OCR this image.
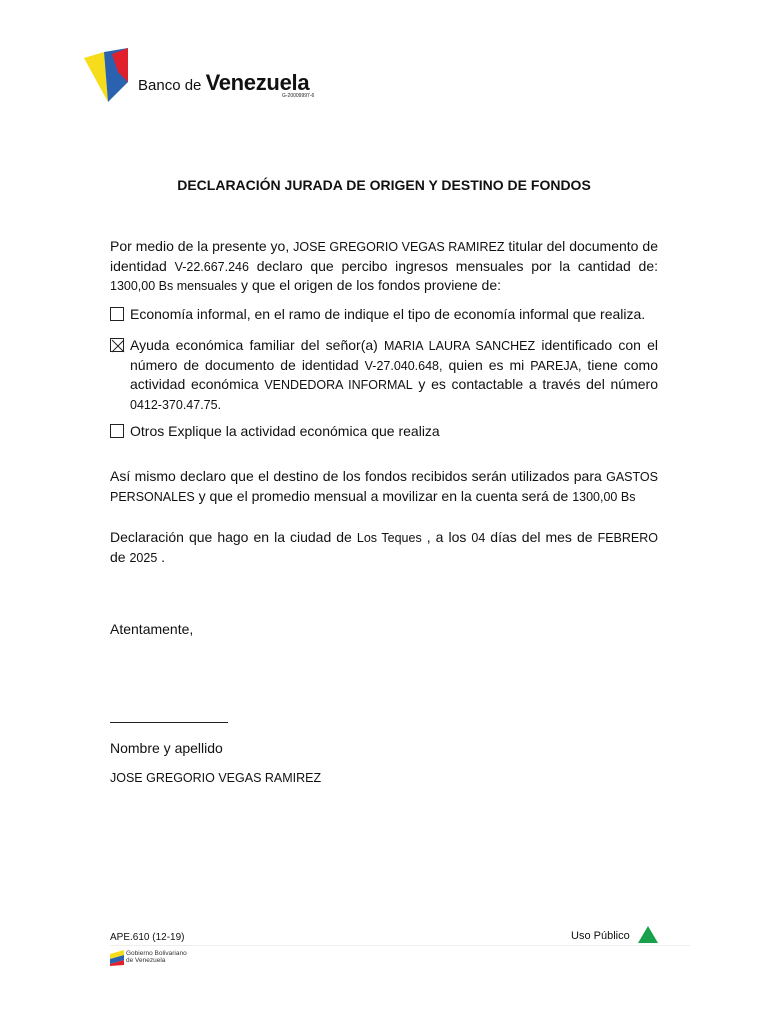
Banco de Venezuela
G-20009997-6
DECLARACIÓN JURADA DE ORIGEN Y DESTINO DE FONDOS
Por medio de la presente yo, JOSE GREGORIO VEGAS RAMIREZ titular del documento de identidad V-22.667.246 declaro que percibo ingresos mensuales por la cantidad de: 1300,00 Bs mensuales y que el origen de los fondos proviene de:
Economía informal, en el ramo de indique el tipo de economía informal que realiza.
Ayuda económica familiar del señor(a) MARIA LAURA SANCHEZ identificado con el número de documento de identidad V-27.040.648, quien es mi PAREJA, tiene como actividad económica VENDEDORA INFORMAL y es contactable a través del número 0412-370.47.75.
Otros Explique la actividad económica que realiza
Así mismo declaro que el destino de los fondos recibidos serán utilizados para GASTOS PERSONALES y que el promedio mensual a movilizar en la cuenta será de 1300,00 Bs
Declaración que hago en la ciudad de Los Teques , a los 04 días del mes de FEBRERO de 2025 .
Atentamente,
Nombre y apellido
JOSE GREGORIO VEGAS RAMIREZ
APE.610 (12-19)	Uso Público
Gobierno Bolivariano
de Venezuela
